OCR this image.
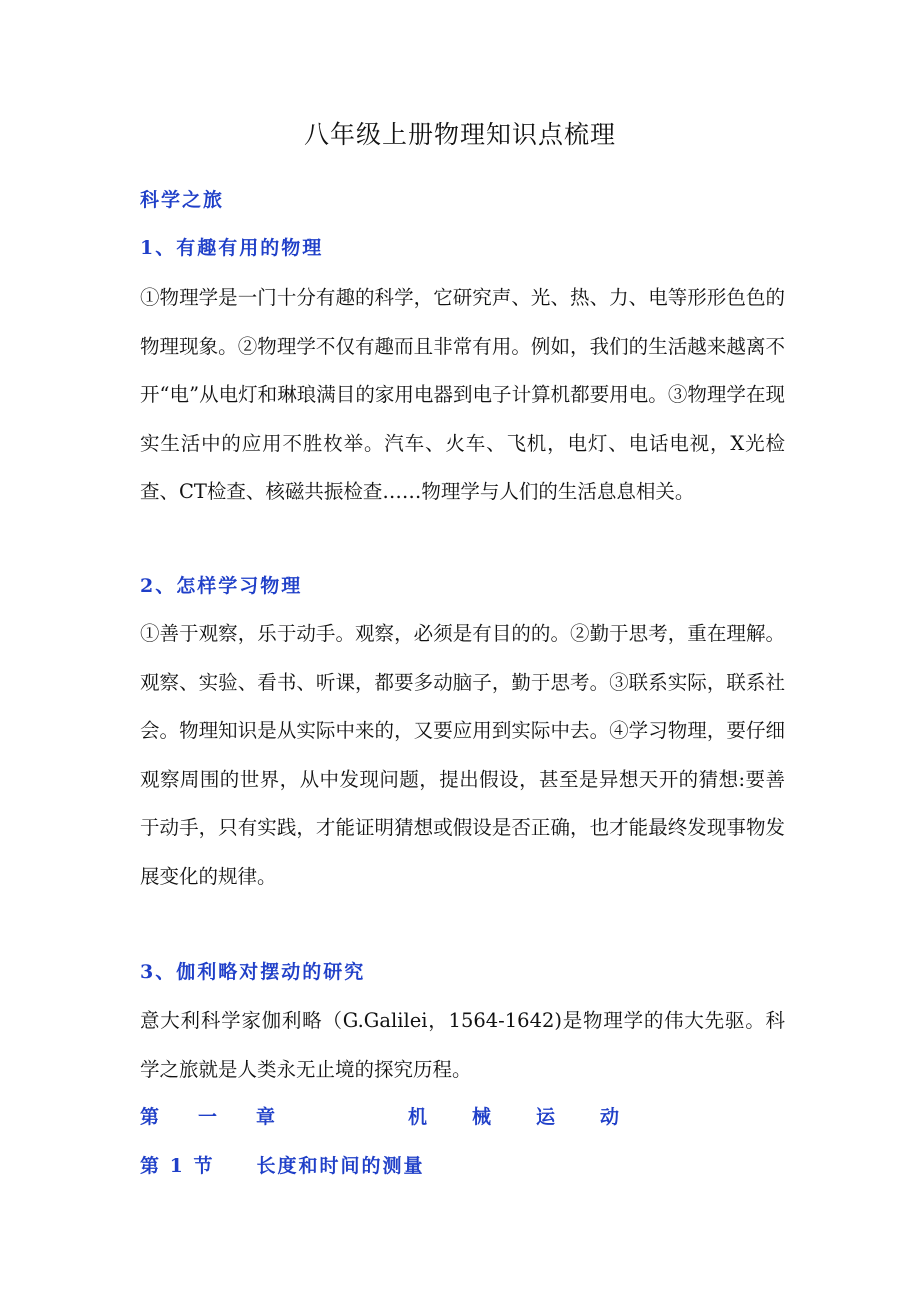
八年级上册物理知识点梳理
科学之旅
1、有趣有用的物理
①物理学是一门十分有趣的科学，它研究声、光、热、力、电等形形色色的物理现象。②物理学不仅有趣而且非常有用。例如，我们的生活越来越离不开“电”从电灯和琳琅满目的家用电器到电子计算机都要用电。③物理学在现实生活中的应用不胜枚举。汽车、火车、飞机，电灯、电话电视，X光检查、CT检查、核磁共振检查……物理学与人们的生活息息相关。
2、怎样学习物理
①善于观察，乐于动手。观察，必须是有目的的。②勤于思考，重在理解。观察、实验、看书、听课，都要多动脑子，勤于思考。③联系实际，联系社会。物理知识是从实际中来的，又要应用到实际中去。④学习物理，要仔细观察周围的世界，从中发现问题，提出假设，甚至是异想天开的猜想:要善于动手，只有实践，才能证明猜想或假设是否正确，也才能最终发现事物发展变化的规律。
3、伽利略对摆动的研究
意大利科学家伽利略（G.Galilei，1564-1642)是物理学的伟大先驱。科学之旅就是人类永无止境的探究历程。
第 一 章	机 械 运 动
第 1 节　　长度和时间的测量
